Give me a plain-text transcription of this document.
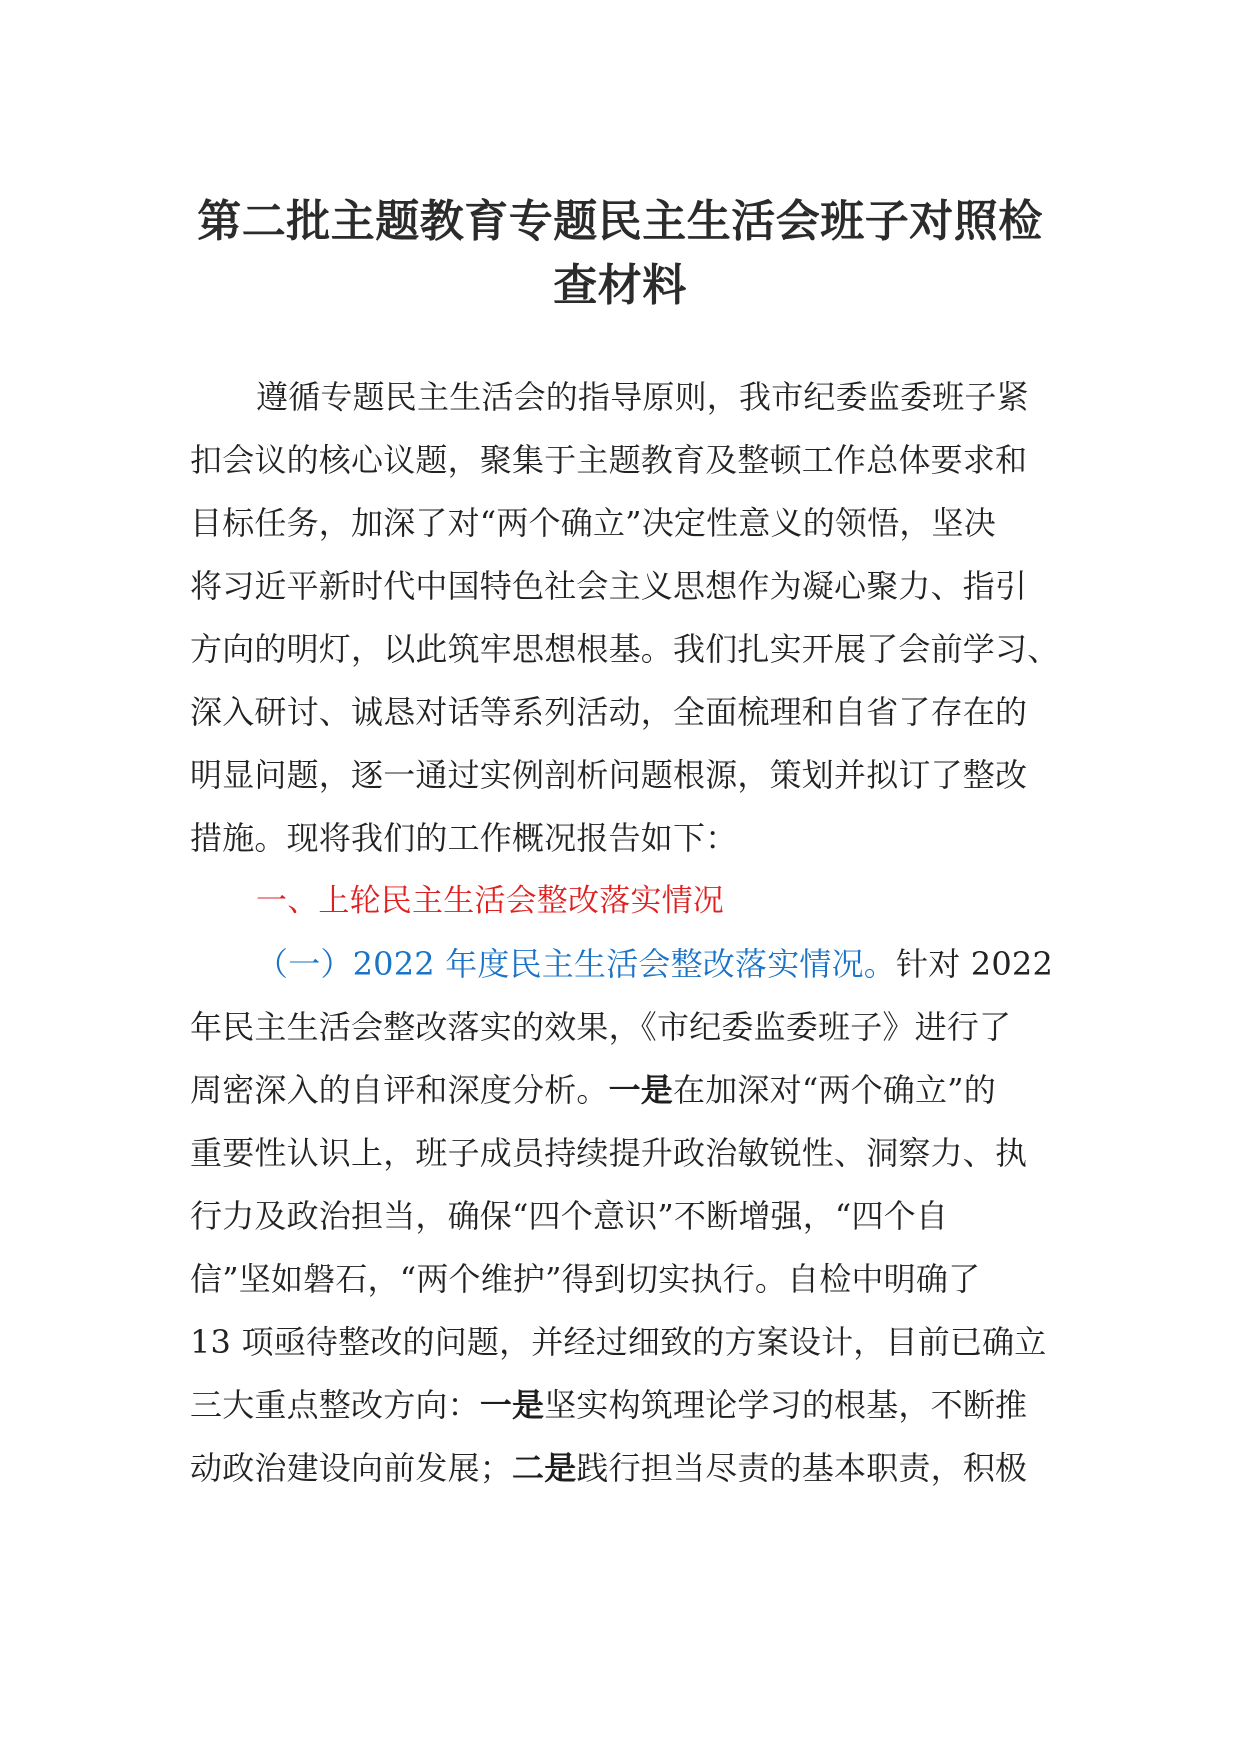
第二批主题教育专题民主生活会班子对照检
查材料
遵循专题民主生活会的指导原则，我市纪委监委班子紧
扣会议的核心议题，聚集于主题教育及整顿工作总体要求和
目标任务，加深了对“两个确立”决定性意义的领悟，坚决
将习近平新时代中国特色社会主义思想作为凝心聚力、指引
方向的明灯，以此筑牢思想根基。我们扎实开展了会前学习、
深入研讨、诚恳对话等系列活动，全面梳理和自省了存在的
明显问题，逐一通过实例剖析问题根源，策划并拟订了整改
措施。现将我们的工作概况报告如下：
一、上轮民主生活会整改落实情况
（一）2022 年度民主生活会整改落实情况。针对 2022
年民主生活会整改落实的效果，《市纪委监委班子》进行了
周密深入的自评和深度分析。一是在加深对“两个确立”的
重要性认识上，班子成员持续提升政治敏锐性、洞察力、执
行力及政治担当，确保“四个意识”不断增强，“四个自
信”坚如磐石，“两个维护”得到切实执行。自检中明确了
13 项亟待整改的问题，并经过细致的方案设计，目前已确立
三大重点整改方向：一是坚实构筑理论学习的根基，不断推
动政治建设向前发展；二是践行担当尽责的基本职责，积极
